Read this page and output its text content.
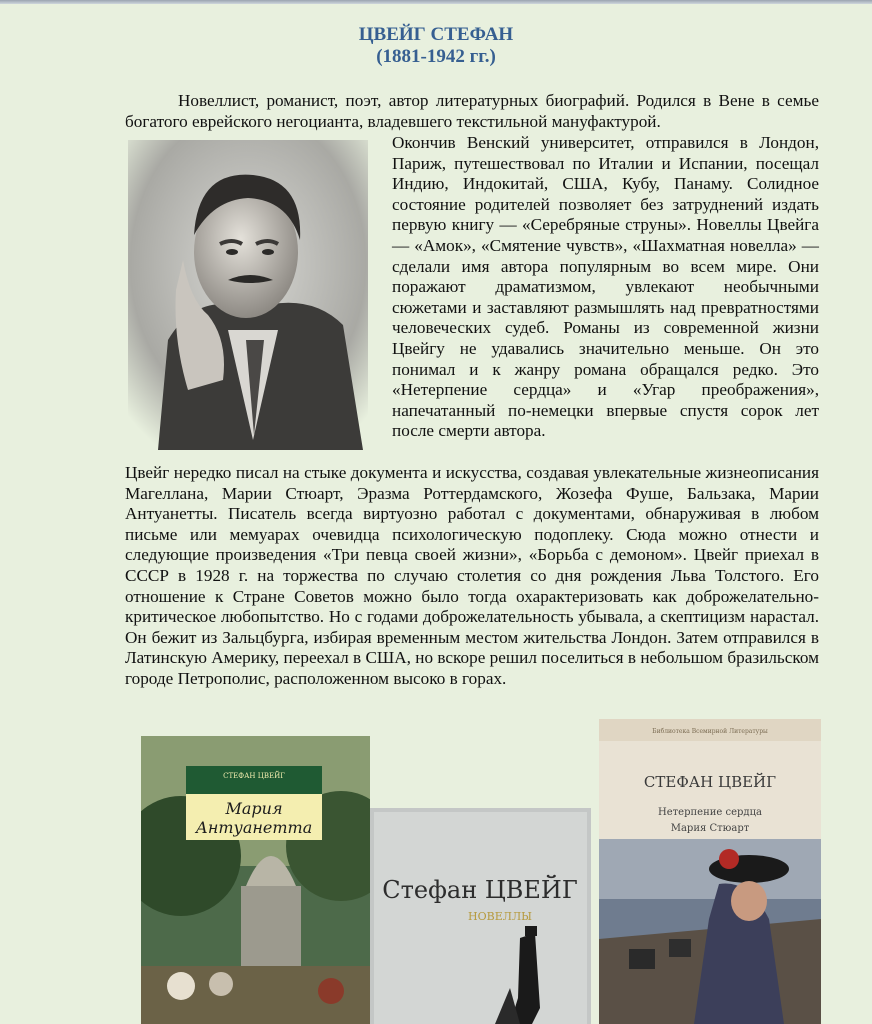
ЦВЕЙГ СТЕФАН
(1881-1942 гг.)

Новеллист, романист, поэт, автор литературных биографий. Родился в Вене в семье богатого еврейского негоцианта, владевшего текстильной мануфактурой.

Окончив Венский университет, отправился в Лондон, Париж, путешествовал по Италии и Испании, посещал Индию, Индокитай, США, Кубу, Панаму. Солидное состояние родителей позволяет без затруднений издать первую книгу — «Серебряные струны». Новеллы Цвейга — «Амок», «Смятение чувств», «Шахматная новелла» — сделали имя автора популярным во всем мире. Они поражают драматизмом, увлекают необычными сюжетами и заставляют размышлять над превратностями человеческих судеб. Романы из современной жизни Цвейгу не удавались значительно меньше. Он это понимал и к жанру романа обращался редко. Это «Нетерпение сердца» и «Угар преображения», напечатанный по-немецки впервые спустя сорок лет после смерти автора.

Цвейг нередко писал на стыке документа и искусства, создавая увлекательные жизнеописания Магеллана, Марии Стюарт, Эразма Роттердамского, Жозефа Фуше, Бальзака, Марии Антуанетты. Писатель всегда виртуозно работал с документами, обнаруживая в любом письме или мемуарах очевидца психологическую подоплеку. Сюда можно отнести и следующие произведения «Три певца своей жизни», «Борьба с демоном». Цвейг приехал в СССР в 1928 г. на торжества по случаю столетия со дня рождения Льва Толстого. Его отношение к Стране Советов можно было тогда охарактеризовать как доброжелательно-критическое любопытство. Но с годами доброжелательность убывала, а скептицизм нарастал. Он бежит из Зальцбурга, избирая временным местом жительства Лондон. Затем отправился в Латинскую Америку, переехал в США, но вскоре решил поселиться в небольшом бразильском городе Петрополис, расположенном высоко в горах.

СТЕФАН ЦВЕЙГ
Мария
Антуанетта
Стефан ЦВЕЙГ
НОВЕЛЛЫ
Библиотека Всемирной Литературы
СТЕФАН ЦВЕЙГ
Нетерпение сердца
Мария Стюарт
